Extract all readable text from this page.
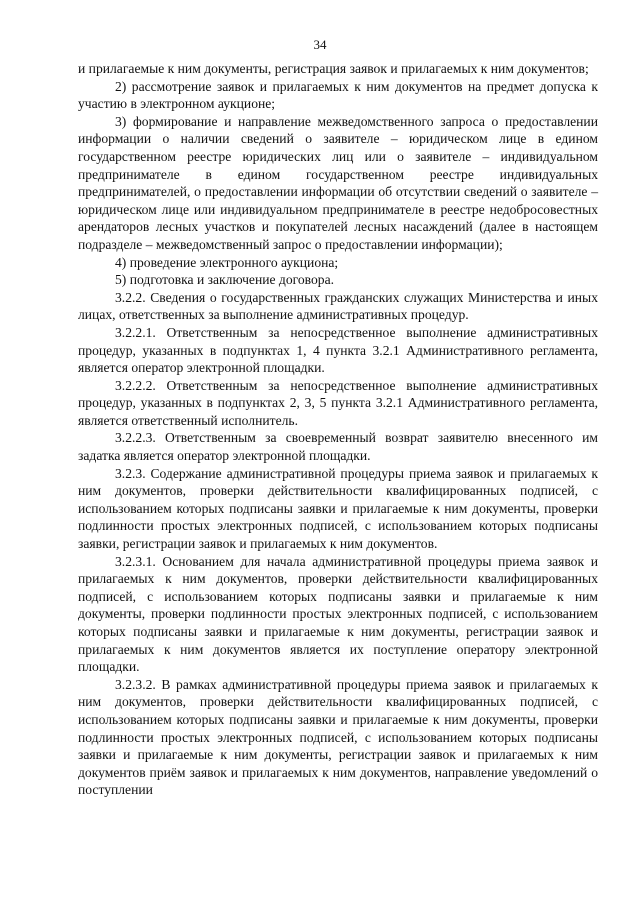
34

и прилагаемые к ним документы, регистрация заявок и прилагаемых к ним документов;

2) рассмотрение заявок и прилагаемых к ним документов на предмет допуска к участию в электронном аукционе;

3) формирование и направление межведомственного запроса о предоставлении информации о наличии сведений о заявителе – юридическом лице в едином государственном реестре юридических лиц или о заявителе – индивидуальном предпринимателе в едином государственном реестре индивидуальных предпринимателей, о предоставлении информации об отсутствии сведений о заявителе – юридическом лице или индивидуальном предпринимателе в реестре недобросовестных арендаторов лесных участков и покупателей лесных насаждений (далее в настоящем подразделе – межведомственный запрос о предоставлении информации);

4) проведение электронного аукциона;

5) подготовка и заключение договора.

3.2.2. Сведения о государственных гражданских служащих Министерства и иных лицах, ответственных за выполнение административных процедур.

3.2.2.1. Ответственным за непосредственное выполнение административных процедур, указанных в подпунктах 1, 4 пункта 3.2.1 Административного регламента, является оператор электронной площадки.

3.2.2.2. Ответственным за непосредственное выполнение административных процедур, указанных в подпунктах 2, 3, 5 пункта 3.2.1 Административного регламента, является ответственный исполнитель.

3.2.2.3. Ответственным за своевременный возврат заявителю внесенного им задатка является оператор электронной площадки.

3.2.3. Содержание административной процедуры приема заявок и прилагаемых к ним документов, проверки действительности квалифицированных подписей, с использованием которых подписаны заявки и прилагаемые к ним документы, проверки подлинности простых электронных подписей, с использованием которых подписаны заявки, регистрации заявок и прилагаемых к ним документов.

3.2.3.1. Основанием для начала административной процедуры приема заявок и прилагаемых к ним документов, проверки действительности квалифицированных подписей, с использованием которых подписаны заявки и прилагаемые к ним документы, проверки подлинности простых электронных подписей, с использованием которых подписаны заявки и прилагаемые к ним документы, регистрации заявок и прилагаемых к ним документов является их поступление оператору электронной площадки.

3.2.3.2. В рамках административной процедуры приема заявок и прилагаемых к ним документов, проверки действительности квалифицированных подписей, с использованием которых подписаны заявки и прилагаемые к ним документы, проверки подлинности простых электронных подписей, с использованием которых подписаны заявки и прилагаемые к ним документы, регистрации заявок и прилагаемых к ним документов приём заявок и прилагаемых к ним документов, направление уведомлений о поступлении
